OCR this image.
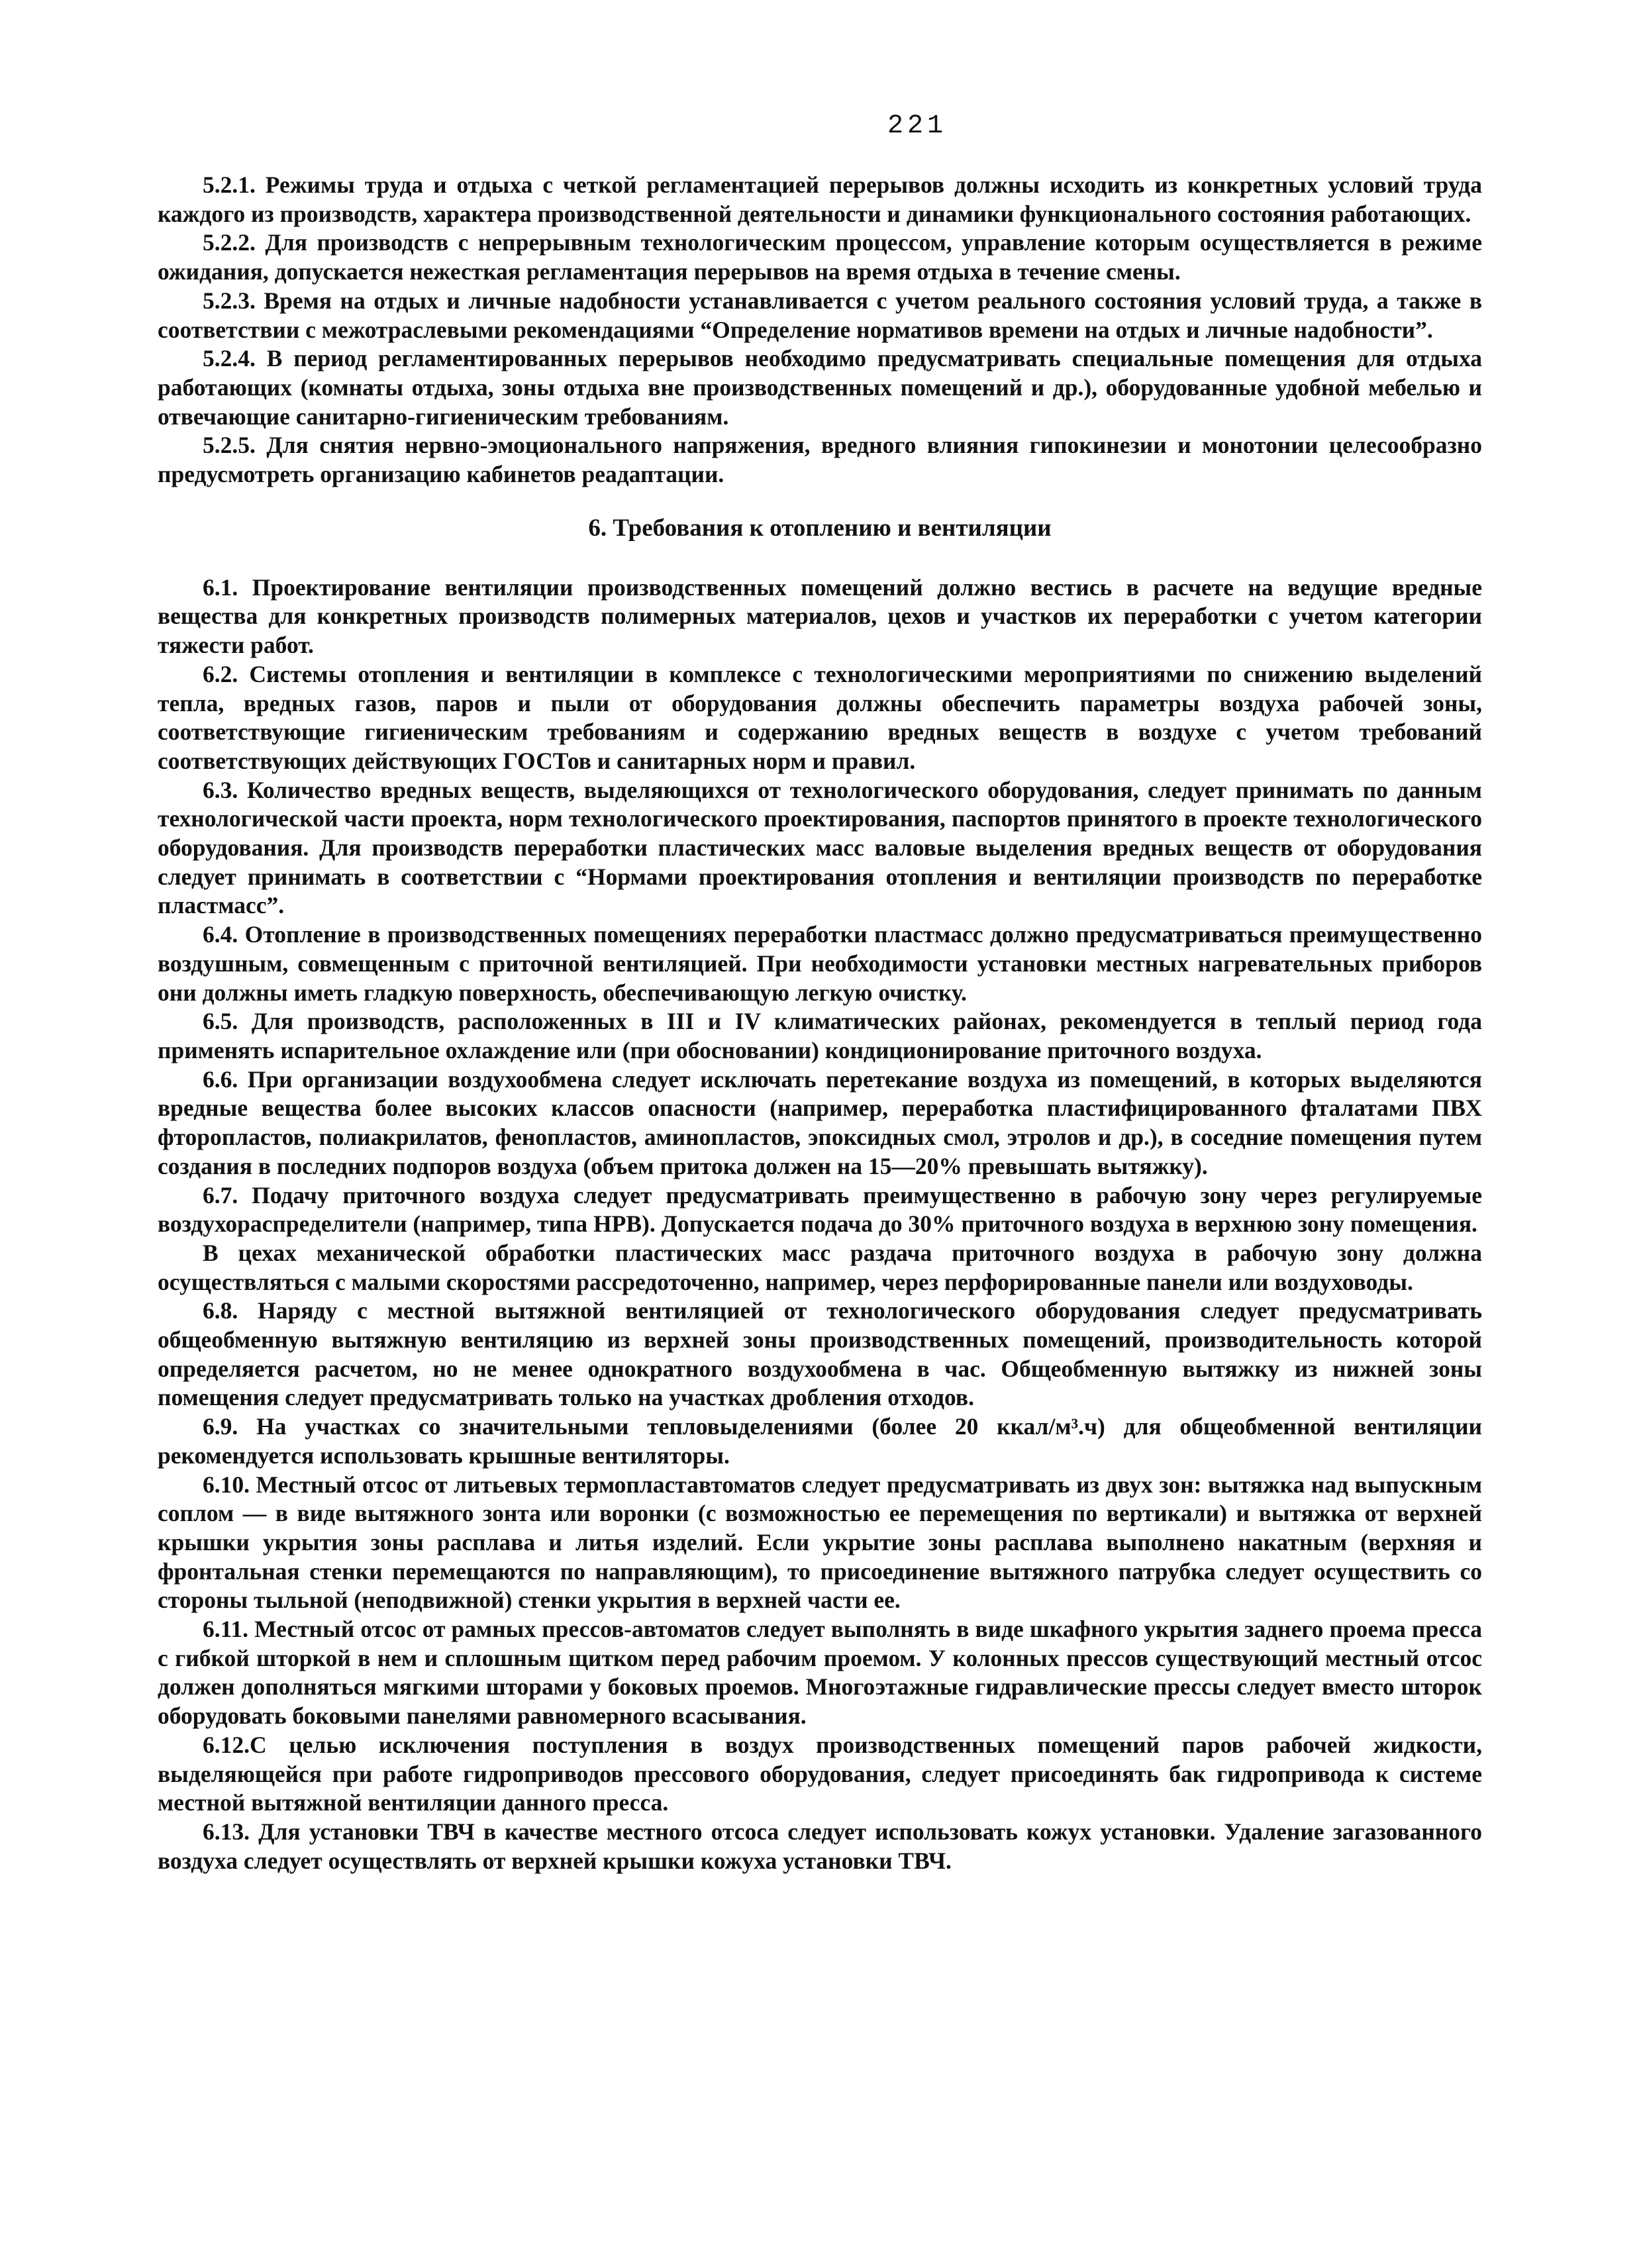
221

5.2.1. Режимы труда и отдыха с четкой регламентацией перерывов должны исходить из конкретных условий труда каждого из производств, характера производственной деятельности и динамики функционального состояния работающих.

5.2.2. Для производств с непрерывным технологическим процессом, управление которым осуществляется в режиме ожидания, допускается нежесткая регламентация перерывов на время отдыха в течение смены.

5.2.3. Время на отдых и личные надобности устанавливается с учетом реального состояния условий труда, а также в соответствии с межотраслевыми рекомендациями “Определение нормативов времени на отдых и личные надобности”.

5.2.4. В период регламентированных перерывов необходимо предусматривать специальные помещения для отдыха работающих (комнаты отдыха, зоны отдыха вне производственных помещений и др.), оборудованные удобной мебелью и отвечающие санитарно-гигиеническим требованиям.

5.2.5. Для снятия нервно-эмоционального напряжения, вредного влияния гипокинезии и монотонии целесообразно предусмотреть организацию кабинетов реадаптации.

6. Требования к отоплению и вентиляции

6.1. Проектирование вентиляции производственных помещений должно вестись в расчете на ведущие вредные вещества для конкретных производств полимерных материалов, цехов и участков их переработки с учетом категории тяжести работ.

6.2. Системы отопления и вентиляции в комплексе с технологическими мероприятиями по снижению выделений тепла, вредных газов, паров и пыли от оборудования должны обеспечить параметры воздуха рабочей зоны, соответствующие гигиеническим требованиям и содержанию вредных веществ в воздухе с учетом требований соответствующих действующих ГОСТов и санитарных норм и правил.

6.3. Количество вредных веществ, выделяющихся от технологического оборудования, следует принимать по данным технологической части проекта, норм технологического проектирования, паспортов принятого в проекте технологического оборудования. Для производств переработки пластических масс валовые выделения вредных веществ от оборудования следует принимать в соответствии с “Нормами проектирования отопления и вентиляции производств по переработке пластмасс”.

6.4. Отопление в производственных помещениях переработки пластмасс должно предусматриваться преимущественно воздушным, совмещенным с приточной вентиляцией. При необходимости установки местных нагревательных приборов они должны иметь гладкую поверхность, обеспечивающую легкую очистку.

6.5. Для производств, расположенных в III и IV климатических районах, рекомендуется в теплый период года применять испарительное охлаждение или (при обосновании) кондиционирование приточного воздуха.

6.6. При организации воздухообмена следует исключать перетекание воздуха из помещений, в которых выделяются вредные вещества более высоких классов опасности (например, переработка пластифицированного фталатами ПВХ фторопластов, полиакрилатов, фенопластов, аминопластов, эпоксидных смол, этролов и др.), в соседние помещения путем создания в последних подпоров воздуха (объем притока должен на 15—20% превышать вытяжку).

6.7. Подачу приточного воздуха следует предусматривать преимущественно в рабочую зону через регулируемые воздухораспределители (например, типа НРВ). Допускается подача до 30% приточного воздуха в верхнюю зону помещения.

В цехах механической обработки пластических масс раздача приточного воздуха в рабочую зону должна осуществляться с малыми скоростями рассредоточенно, например, через перфорированные панели или воздуховоды.

6.8. Наряду с местной вытяжной вентиляцией от технологического оборудования следует предусматривать общеобменную вытяжную вентиляцию из верхней зоны производственных помещений, производительность которой определяется расчетом, но не менее однократного воздухообмена в час. Общеобменную вытяжку из нижней зоны помещения следует предусматривать только на участках дробления отходов.

6.9. На участках со значительными тепловыделениями (более 20 ккал/м³.ч) для общеобменной вентиляции рекомендуется использовать крышные вентиляторы.

6.10. Местный отсос от литьевых термопластавтоматов следует предусматривать из двух зон: вытяжка над выпускным соплом — в виде вытяжного зонта или воронки (с возможностью ее перемещения по вертикали) и вытяжка от верхней крышки укрытия зоны расплава и литья изделий. Если укрытие зоны расплава выполнено накатным (верхняя и фронтальная стенки перемещаются по направляющим), то присоединение вытяжного патрубка следует осуществить со стороны тыльной (неподвижной) стенки укрытия в верхней части ее.

6.11. Местный отсос от рамных прессов-автоматов следует выполнять в виде шкафного укрытия заднего проема пресса с гибкой шторкой в нем и сплошным щитком перед рабочим проемом. У колонных прессов существующий местный отсос должен дополняться мягкими шторами у боковых проемов. Многоэтажные гидравлические прессы следует вместо шторок оборудовать боковыми панелями равномерного всасывания.

6.12.С целью исключения поступления в воздух производственных помещений паров рабочей жидкости, выделяющейся при работе гидроприводов прессового оборудования, следует присоединять бак гидропривода к системе местной вытяжной вентиляции данного пресса.

6.13. Для установки ТВЧ в качестве местного отсоса следует использовать кожух установки. Удаление загазованного воздуха следует осуществлять от верхней крышки кожуха установки ТВЧ.
